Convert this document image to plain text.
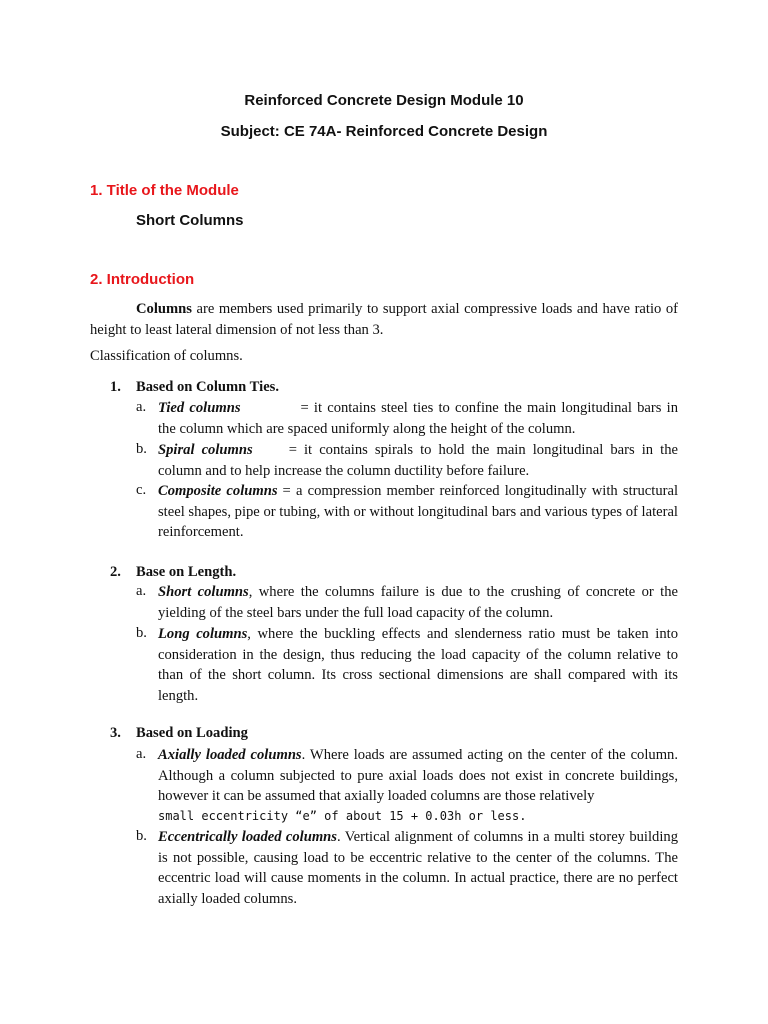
Reinforced Concrete Design Module 10
Subject: CE 74A- Reinforced Concrete Design
1. Title of the Module
Short Columns
2. Introduction
Columns are members used primarily to support axial compressive loads and have ratio of height to least lateral dimension of not less than 3.
Classification of columns.
1. Based on Column Ties.
a. Tied columns	= it contains steel ties to confine the main longitudinal bars in the column which are spaced uniformly along the height of the column.
b. Spiral columns = it contains spirals to hold the main longitudinal bars in the column and to help increase the column ductility before failure.
c. Composite columns = a compression member reinforced longitudinally with structural steel shapes, pipe or tubing, with or without longitudinal bars and various types of lateral reinforcement.
2. Base on Length.
a. Short columns, where the columns failure is due to the crushing of concrete or the yielding of the steel bars under the full load capacity of the column.
b. Long columns, where the buckling effects and slenderness ratio must be taken into consideration in the design, thus reducing the load capacity of the column relative to than of the short column. Its cross sectional dimensions are shall compared with its length.
3. Based on Loading
a. Axially loaded columns. Where loads are assumed acting on the center of the column. Although a column subjected to pure axial loads does not exist in concrete buildings, however it can be assumed that axially loaded columns are those relatively
small eccentricity “e” of about 15 + 0.03h or less.
b. Eccentrically loaded columns. Vertical alignment of columns in a multi storey building is not possible, causing load to be eccentric relative to the center of the columns. The eccentric load will cause moments in the column. In actual practice, there are no perfect axially loaded columns.
